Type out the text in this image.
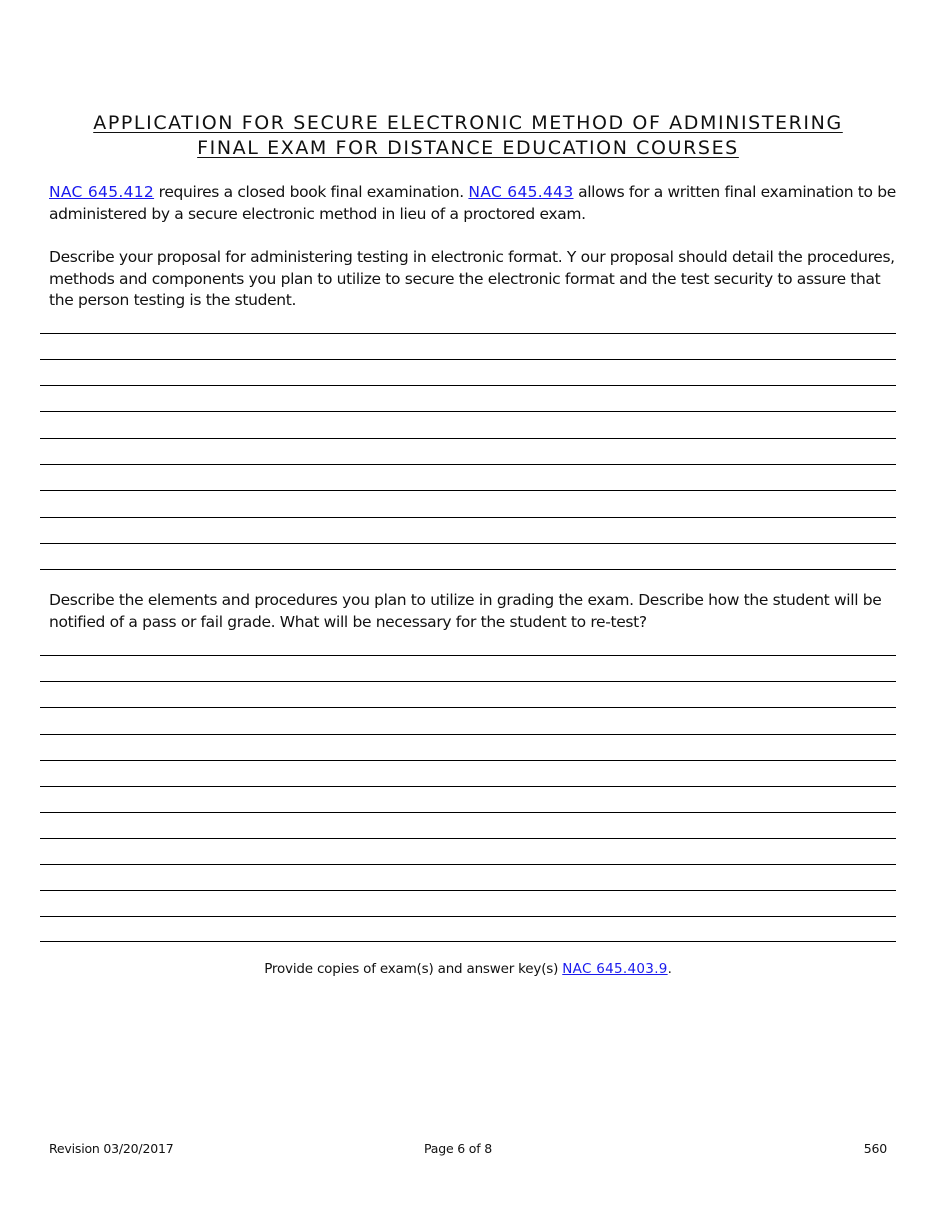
APPLICATION FOR SECURE ELECTRONIC METHOD OF ADMINISTERING
FINAL EXAM FOR DISTANCE EDUCATION COURSES

NAC 645.412 requires a closed book final examination. NAC 645.443 allows for a written final examination to be administered by a secure electronic method in lieu of a proctored exam.

Describe your proposal for administering testing in electronic format. Y our proposal should detail the procedures, methods and components you plan to utilize to secure the electronic format and the test security to assure that the person testing is the student.

Describe the elements and procedures you plan to utilize in grading the exam. Describe how the student will be notified of a pass or fail grade. What will be necessary for the student to re-test?

Provide copies of exam(s) and answer key(s) NAC 645.403.9.
Revision 03/20/2017	Page 6 of 8	560
